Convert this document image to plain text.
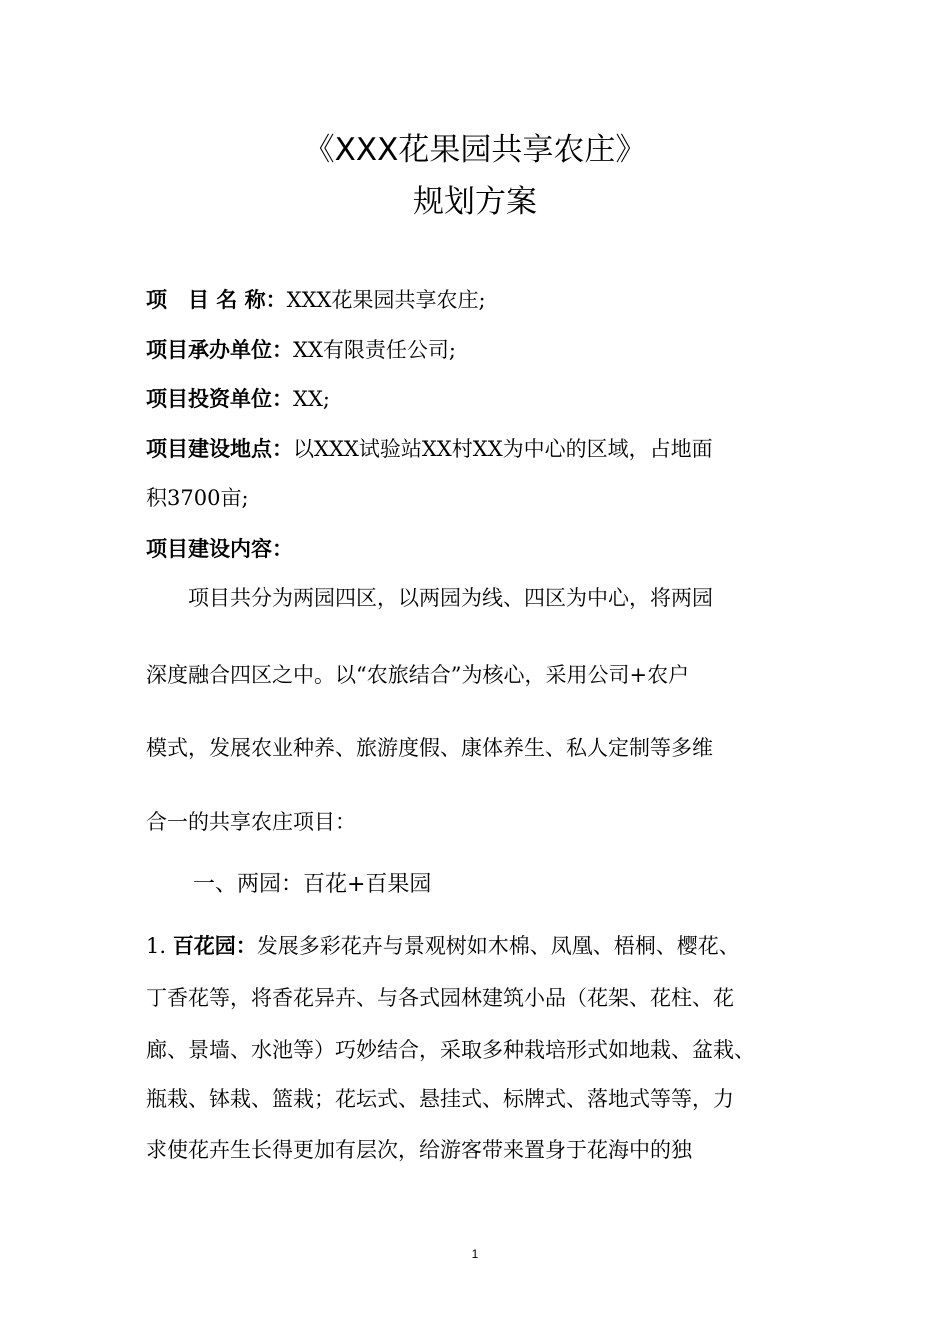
《XXX花果园共享农庄》
规划方案
项　目 名 称：XXX花果园共享农庄;
项目承办单位：XX有限责任公司;
项目投资单位：XX;
项目建设地点：以XXX试验站XX村XX为中心的区域，占地面
积3700亩;
项目建设内容：
项目共分为两园四区，以两园为线、四区为中心，将两园
深度融合四区之中。以“农旅结合”为核心，采用公司+农户
模式，发展农业种养、旅游度假、康体养生、私人定制等多维
合一的共享农庄项目：
一、两园：百花+百果园
1. 百花园：发展多彩花卉与景观树如木棉、凤凰、梧桐、樱花、
丁香花等，将香花异卉、与各式园林建筑小品（花架、花柱、花
廊、景墙、水池等）巧妙结合，采取多种栽培形式如地栽、盆栽、
瓶栽、钵栽、篮栽；花坛式、悬挂式、标牌式、落地式等等，力
求使花卉生长得更加有层次，给游客带来置身于花海中的独
1
